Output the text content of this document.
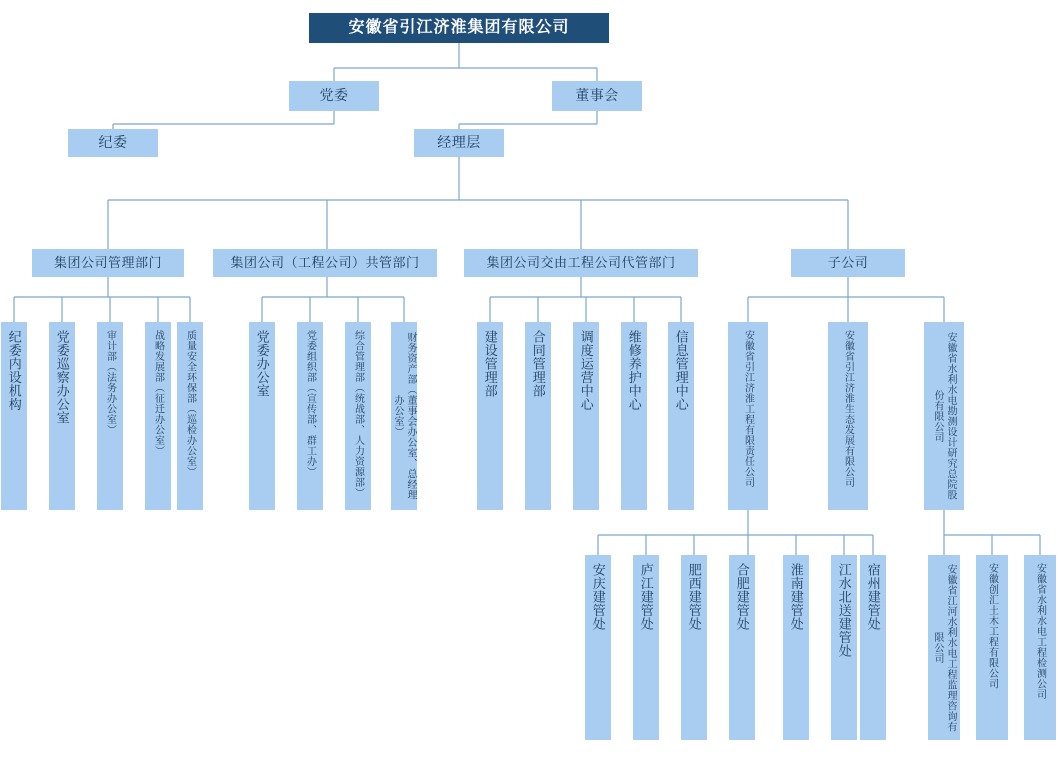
安徽省引江济淮集团有限公司
党委	董事会
纪委	经理层
集团公司管理部门	集团公司（工程公司）共管部门	集团公司交由工程公司代管部门	子公司
纪委内设机构	党委巡察办公室	审计部（法务办公室）	战略发展部（征迁办公室）	质量安全环保部（巡检办公室）	党委办公室	党委组织部（宣传部、群工办）	综合管理部（统战部、人力资源部）	财务资产部（董事会办公室、总经理办公室）
建设管理部	合同管理部	调度运营中心	维修养护中心	信息管理中心	安徽省引江济淮工程有限责任公司	安徽省引江济淮生态发展有限公司	安徽省水利水电勘测设计研究总院股份有限公司
安庆建管处	庐江建管处	肥西建管处	合肥建管处	淮南建管处	江水北送建管处	宿州建管处	安徽省江河水利水电工程监理咨询有限公司	安徽创汇土木工程有限公司	安徽省水利水电工程检测公司
